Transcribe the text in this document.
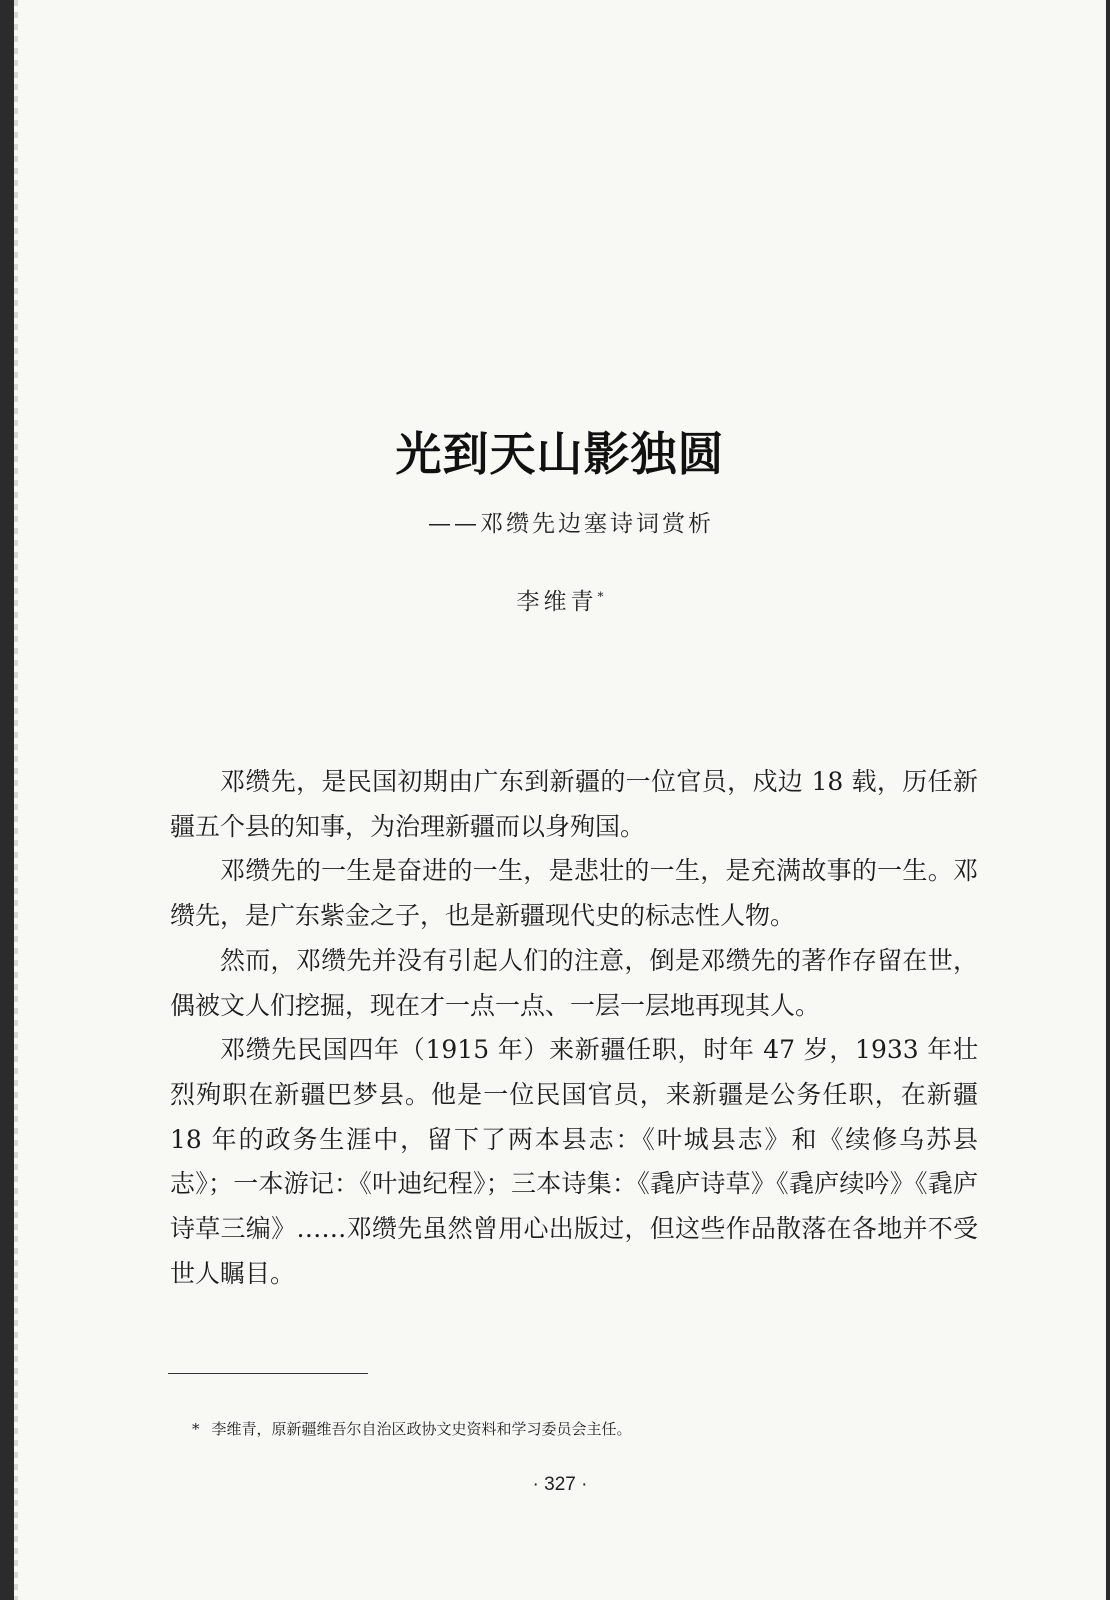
光到天山影独圆

——邓缵先边塞诗词赏析

李维青*

邓缵先，是民国初期由广东到新疆的一位官员，戍边 18 载，历任新疆五个县的知事，为治理新疆而以身殉国。

邓缵先的一生是奋进的一生，是悲壮的一生，是充满故事的一生。邓缵先，是广东紫金之子，也是新疆现代史的标志性人物。

然而，邓缵先并没有引起人们的注意，倒是邓缵先的著作存留在世，偶被文人们挖掘，现在才一点一点、一层一层地再现其人。

邓缵先民国四年（1915 年）来新疆任职，时年 47 岁，1933 年壮烈殉职在新疆巴梦县。他是一位民国官员，来新疆是公务任职，在新疆 18 年的政务生涯中，留下了两本县志：《叶城县志》和《续修乌苏县志》；一本游记：《叶迪纪程》；三本诗集：《毳庐诗草》《毳庐续吟》《毳庐诗草三编》……邓缵先虽然曾用心出版过，但这些作品散落在各地并不受世人瞩目。

* 李维青，原新疆维吾尔自治区政协文史资料和学习委员会主任。

· 327 ·
